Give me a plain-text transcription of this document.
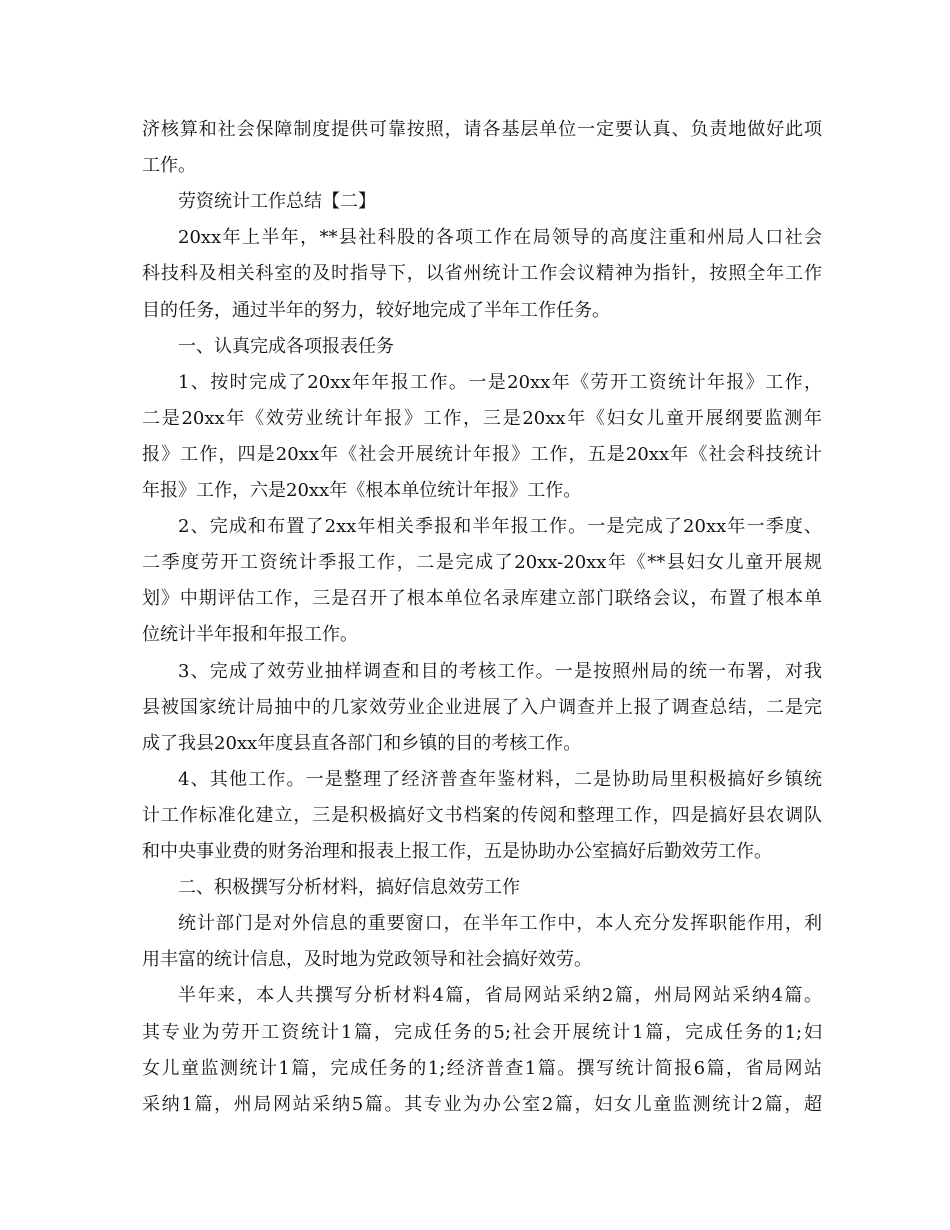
济核算和社会保障制度提供可靠按照，请各基层单位一定要认真、负责地做好此项
工作。
劳资统计工作总结【二】
20xx年上半年，**县社科股的各项工作在局领导的高度注重和州局人口社会
科技科及相关科室的及时指导下，以省州统计工作会议精神为指针，按照全年工作
目的任务，通过半年的努力，较好地完成了半年工作任务。
一、认真完成各项报表任务
1、按时完成了20xx年年报工作。一是20xx年《劳开工资统计年报》工作，
二是20xx年《效劳业统计年报》工作，三是20xx年《妇女儿童开展纲要监测年
报》工作，四是20xx年《社会开展统计年报》工作，五是20xx年《社会科技统计
年报》工作，六是20xx年《根本单位统计年报》工作。
2、完成和布置了2xx年相关季报和半年报工作。一是完成了20xx年一季度、
二季度劳开工资统计季报工作，二是完成了20xx-20xx年《**县妇女儿童开展规
划》中期评估工作，三是召开了根本单位名录库建立部门联络会议，布置了根本单
位统计半年报和年报工作。
3、完成了效劳业抽样调查和目的考核工作。一是按照州局的统一布署，对我
县被国家统计局抽中的几家效劳业企业进展了入户调查并上报了调查总结，二是完
成了我县20xx年度县直各部门和乡镇的目的考核工作。
4、其他工作。一是整理了经济普查年鉴材料，二是协助局里积极搞好乡镇统
计工作标准化建立，三是积极搞好文书档案的传阅和整理工作，四是搞好县农调队
和中央事业费的财务治理和报表上报工作，五是协助办公室搞好后勤效劳工作。
二、积极撰写分析材料，搞好信息效劳工作
统计部门是对外信息的重要窗口，在半年工作中，本人充分发挥职能作用，利
用丰富的统计信息，及时地为党政领导和社会搞好效劳。
半年来，本人共撰写分析材料4篇，省局网站采纳2篇，州局网站采纳4篇。
其专业为劳开工资统计1篇，完成任务的5;社会开展统计1篇，完成任务的1;妇
女儿童监测统计1篇，完成任务的1;经济普查1篇。撰写统计简报6篇，省局网站
采纳1篇，州局网站采纳5篇。其专业为办公室2篇，妇女儿童监测统计2篇，超
